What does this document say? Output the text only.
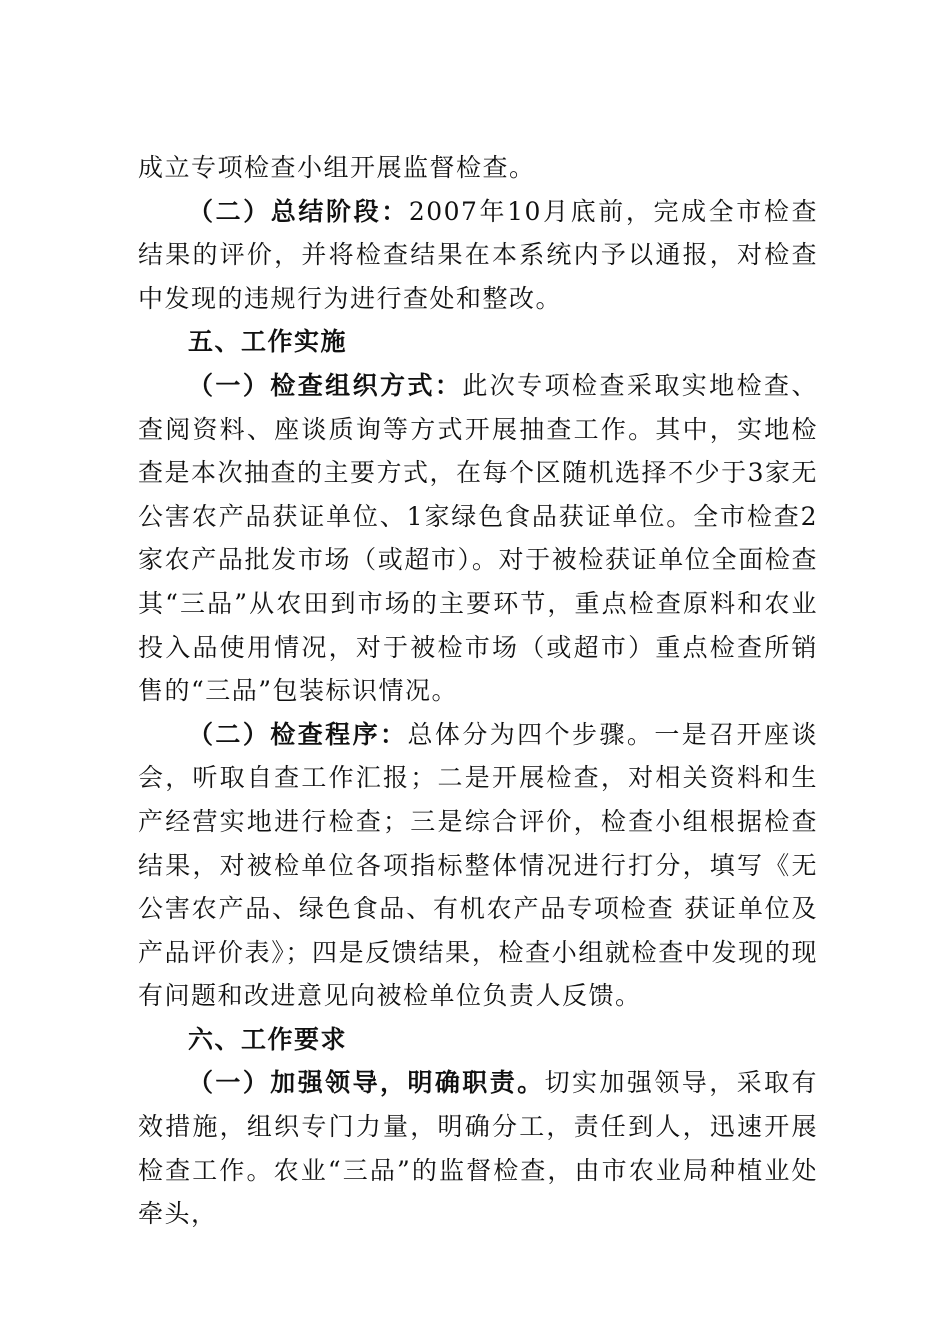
成立专项检查小组开展监督检查。

（二）总结阶段：2007年10月底前，完成全市检查结果的评价，并将检查结果在本系统内予以通报，对检查中发现的违规行为进行查处和整改。

五、工作实施

（一）检查组织方式：此次专项检查采取实地检查、查阅资料、座谈质询等方式开展抽查工作。其中，实地检查是本次抽查的主要方式，在每个区随机选择不少于3家无公害农产品获证单位、1家绿色食品获证单位。全市检查2家农产品批发市场（或超市）。对于被检获证单位全面检查其“三品”从农田到市场的主要环节，重点检查原料和农业投入品使用情况，对于被检市场（或超市）重点检查所销售的“三品”包装标识情况。

（二）检查程序：总体分为四个步骤。一是召开座谈会，听取自查工作汇报；二是开展检查，对相关资料和生产经营实地进行检查；三是综合评价，检查小组根据检查结果，对被检单位各项指标整体情况进行打分，填写《无公害农产品、绿色食品、有机农产品专项检查 获证单位及产品评价表》；四是反馈结果，检查小组就检查中发现的现有问题和改进意见向被检单位负责人反馈。

六、工作要求

（一）加强领导，明确职责。切实加强领导，采取有效措施，组织专门力量，明确分工，责任到人，迅速开展检查工作。农业“三品”的监督检查，由市农业局种植业处牵头，
